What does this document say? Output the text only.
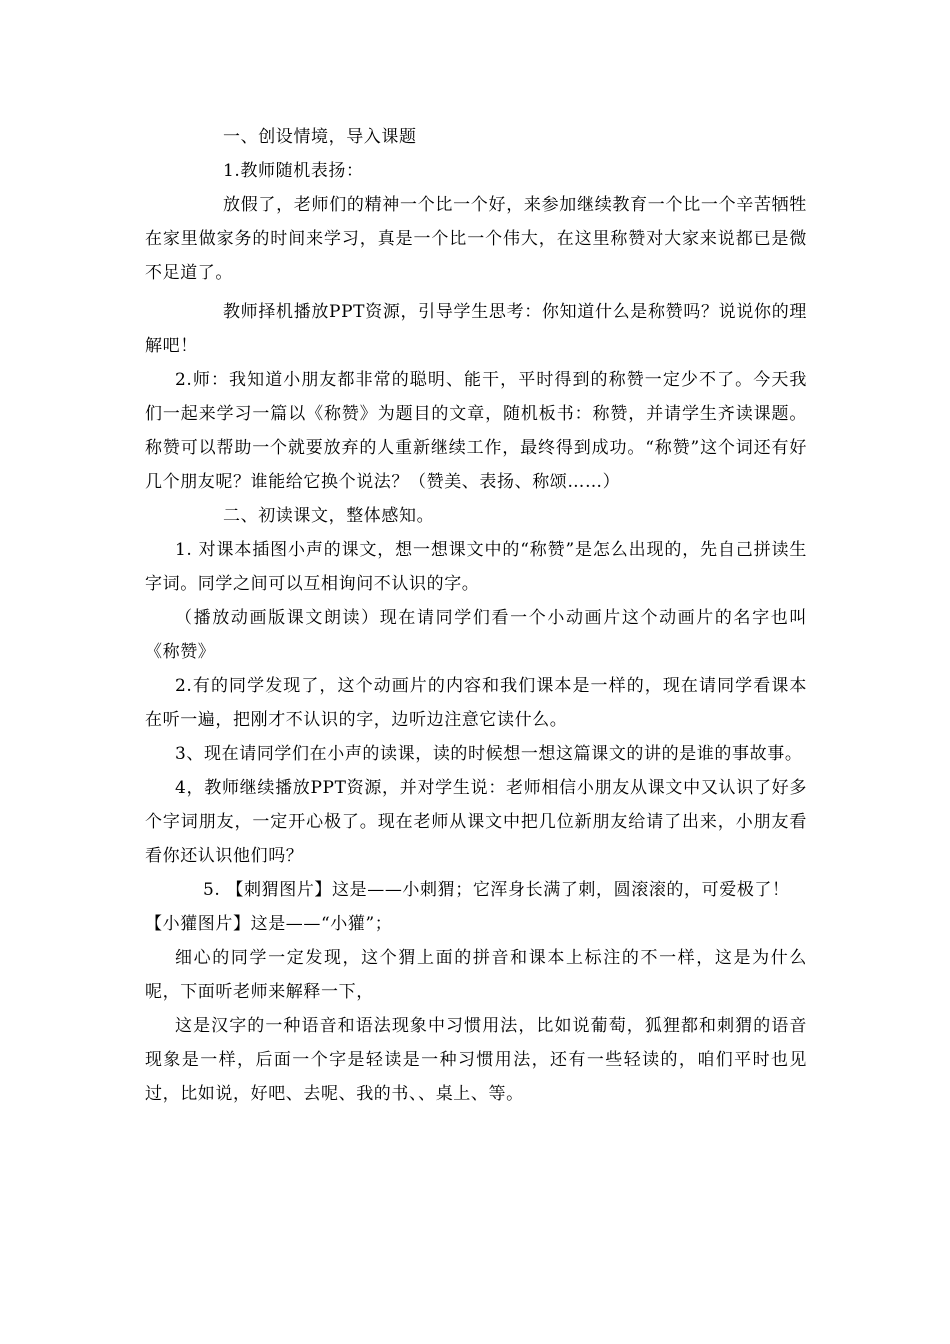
一、创设情境，导入课题

1.教师随机表扬：

放假了，老师们的精神一个比一个好，来参加继续教育一个比一个辛苦牺牲在家里做家务的时间来学习，真是一个比一个伟大，在这里称赞对大家来说都已是微不足道了。

教师择机播放PPT资源，引导学生思考：你知道什么是称赞吗？说说你的理解吧！

2.师：我知道小朋友都非常的聪明、能干，平时得到的称赞一定少不了。今天我们一起来学习一篇以《称赞》为题目的文章，随机板书：称赞，并请学生齐读课题。称赞可以帮助一个就要放弃的人重新继续工作，最终得到成功。“称赞”这个词还有好几个朋友呢？谁能给它换个说法？（赞美、表扬、称颂……）

二、初读课文，整体感知。

1. 对课本插图小声的课文，想一想课文中的“称赞”是怎么出现的，先自己拼读生字词。同学之间可以互相询问不认识的字。

（播放动画版课文朗读）现在请同学们看一个小动画片这个动画片的名字也叫《称赞》

2.有的同学发现了，这个动画片的内容和我们课本是一样的，现在请同学看课本在听一遍，把刚才不认识的字，边听边注意它读什么。

3、现在请同学们在小声的读课，读的时候想一想这篇课文的讲的是谁的事故事。

4，教师继续播放PPT资源，并对学生说：老师相信小朋友从课文中又认识了好多个字词朋友，一定开心极了。现在老师从课文中把几位新朋友给请了出来，小朋友看看你还认识他们吗？

5. 【刺猬图片】这是——小刺猬；它浑身长满了刺，圆滚滚的，可爱极了！

【小獾图片】这是——“小獾”；

细心的同学一定发现，这个猬上面的拼音和课本上标注的不一样，这是为什么呢，下面听老师来解释一下，

这是汉字的一种语音和语法现象中习惯用法，比如说葡萄，狐狸都和刺猬的语音现象是一样，后面一个字是轻读是一种习惯用法，还有一些轻读的，咱们平时也见过，比如说，好吧、去呢、我的书、、桌上、等。
